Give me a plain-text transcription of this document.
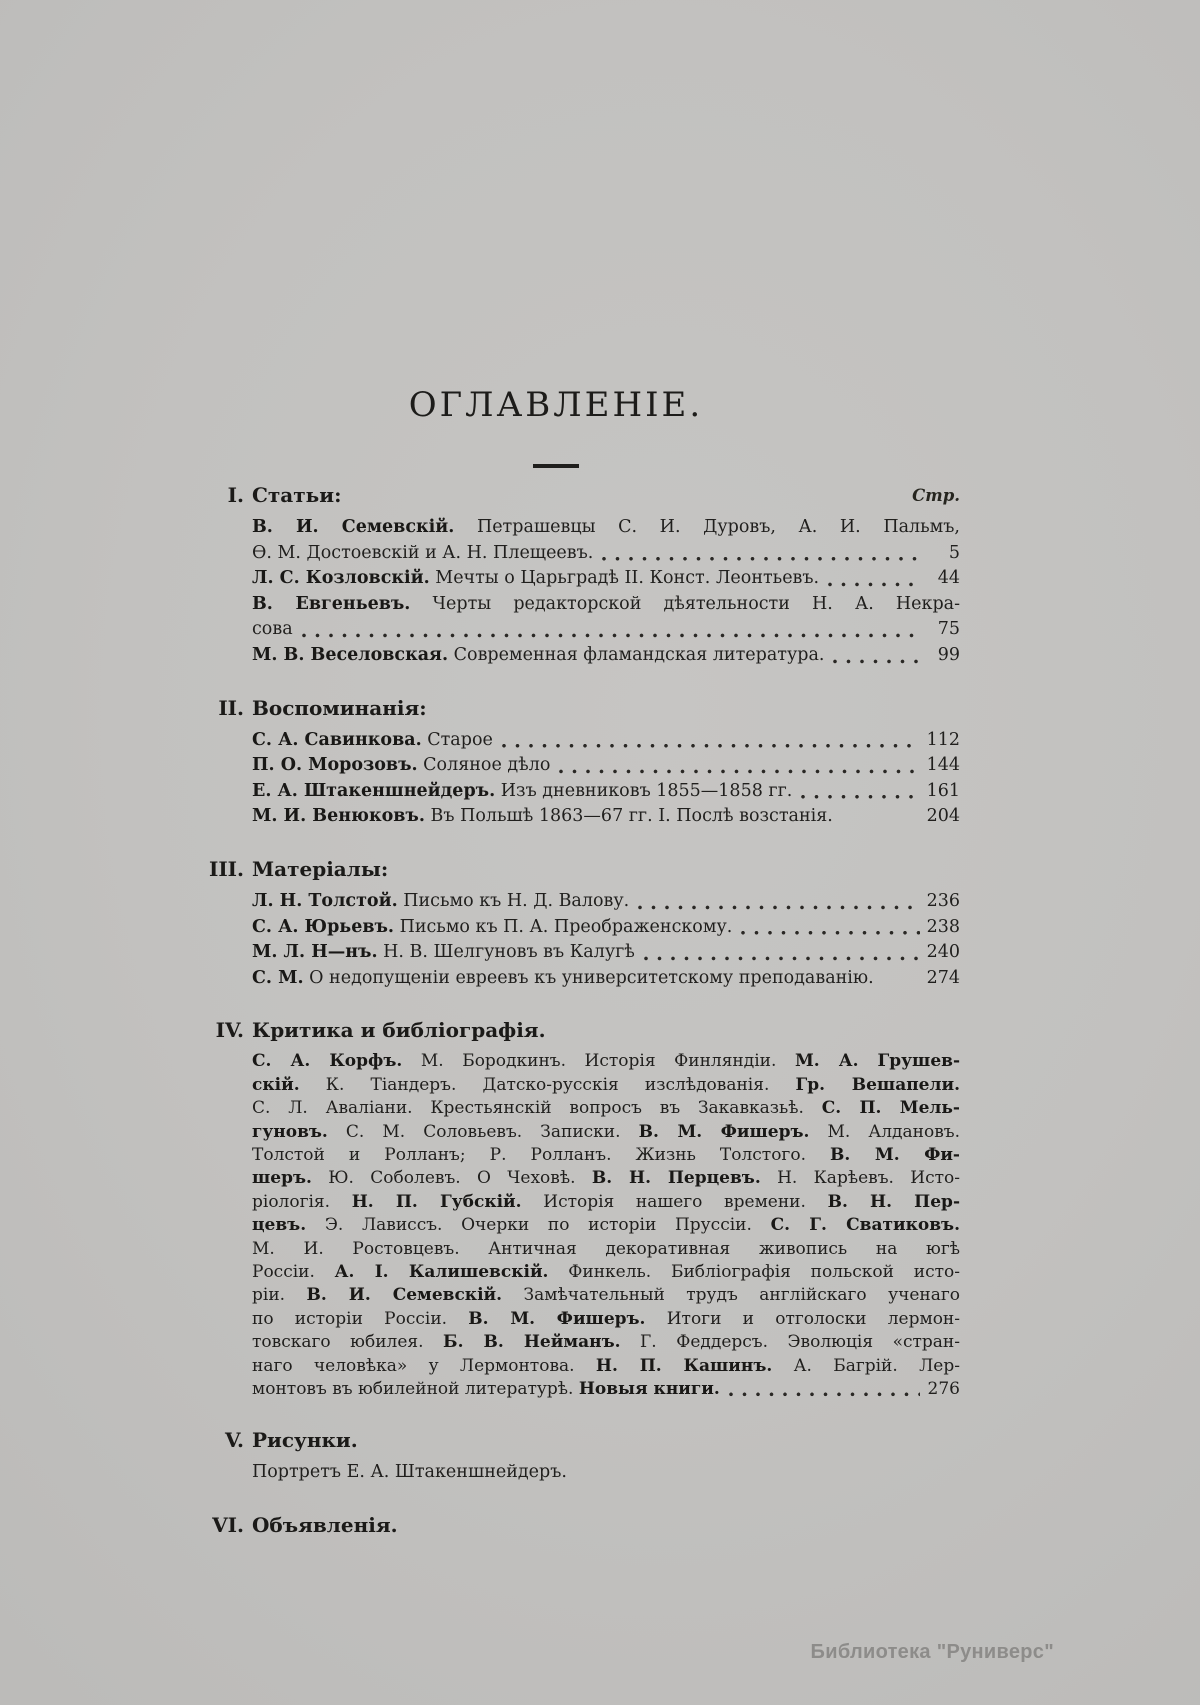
ОГЛАВЛЕНІЕ.
Стр.
I. Статьи:
В. И. Семевскій. Петрашевцы С. И. Дуровъ, А. И. Пальмъ,
Ѳ. М. Достоевскій и А. Н. Плещеевъ.	5
Л. С. Козловскій. Мечты о Царьградѣ II. Конст. Леонтьевъ.	44
В. Евгеньевъ. Черты редакторской дѣятельности Н. А. Некра-
сова	75
М. В. Веселовская. Современная фламандская литература.	99
II. Воспоминанія:
С. А. Савинкова. Старое	112
П. О. Морозовъ. Соляное дѣло	144
Е. А. Штакеншнейдеръ. Изъ дневниковъ 1855—1858 гг.	161
М. И. Венюковъ. Въ Польшѣ 1863—67 гг. I. Послѣ возстанія.	204
III. Матеріалы:
Л. Н. Толстой. Письмо къ Н. Д. Валову.	236
С. А. Юрьевъ. Письмо къ П. А. Преображенскому.	238
М. Л. Н—нъ. Н. В. Шелгуновъ въ Калугѣ	240
С. М. О недопущеніи евреевъ къ университетскому преподаванію.	274
IV. Критика и библіографія.
С. А. Корфъ. М. Бородкинъ. Исторія Финляндіи. М. А. Грушев-
скій. К. Тіандеръ. Датско-русскія изслѣдованія. Гр. Вешапели.
С. Л. Аваліани. Крестьянскій вопросъ въ Закавказьѣ. С. П. Мель-
гуновъ. С. М. Соловьевъ. Записки. В. М. Фишеръ. М. Алдановъ.
Толстой и Ролланъ; Р. Ролланъ. Жизнь Толстого. В. М. Фи-
шеръ. Ю. Соболевъ. О Чеховѣ. В. Н. Перцевъ. Н. Карѣевъ. Исто-
ріологія. Н. П. Губскій. Исторія нашего времени. В. Н. Пер-
цевъ. Э. Лависсъ. Очерки по исторіи Пруссіи. С. Г. Сватиковъ.
М. И. Ростовцевъ. Античная декоративная живопись на югѣ
Россіи. А. І. Калишевскій. Финкель. Библіографія польской исто-
ріи. В. И. Семевскій. Замѣчательный трудъ англійскаго ученаго
по исторіи Россіи. В. М. Фишеръ. Итоги и отголоски лермон-
товскаго юбилея. Б. В. Нейманъ. Г. Феддерсъ. Эволюція «стран-
наго человѣка» у Лермонтова. Н. П. Кашинъ. А. Багрій. Лер-
монтовъ въ юбилейной литературѣ. Новыя книги.	276
V. Рисунки.
Портретъ Е. А. Штакеншнейдеръ.
VI. Объявленія.
Библиотека "Руниверс"
